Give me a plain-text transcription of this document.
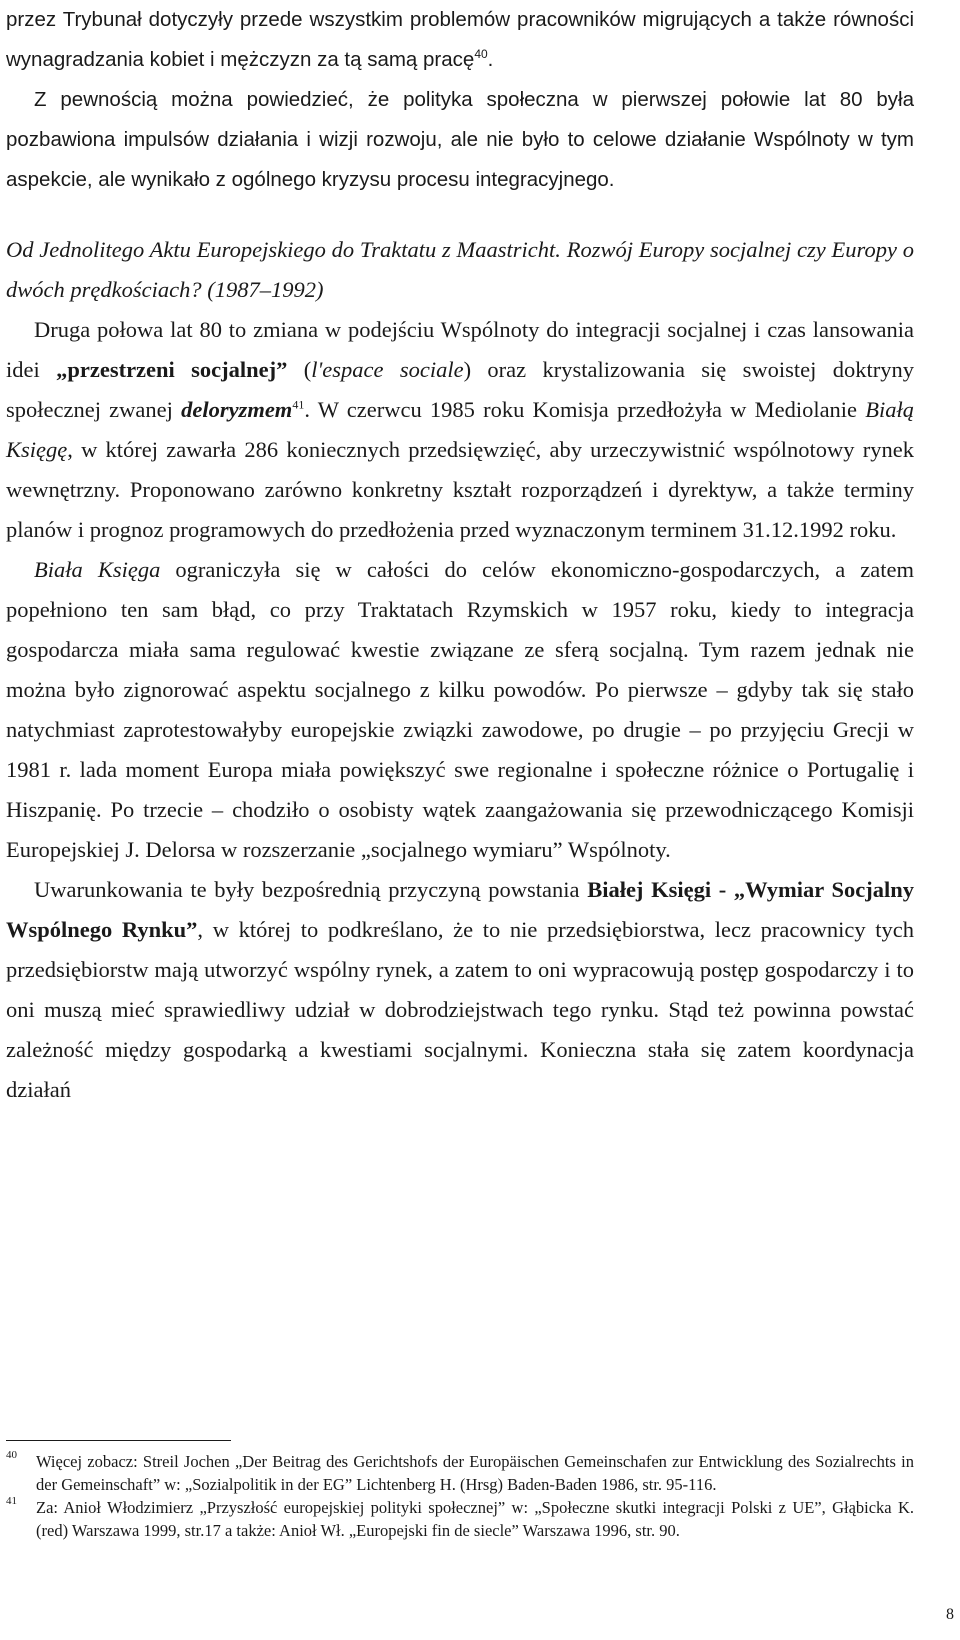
przez Trybunał dotyczyły przede wszystkim problemów pracowników migrujących a także równości wynagradzania kobiet i mężczyzn za tą samą pracę$^{40}$.

Z pewnością można powiedzieć, że polityka społeczna w pierwszej połowie lat 80 była pozbawiona impulsów działania i wizji rozwoju, ale nie było to celowe działanie Wspólnoty w tym aspekcie, ale wynikało z ogólnego kryzysu procesu integracyjnego.

Od Jednolitego Aktu Europejskiego do Traktatu z Maastricht. Rozwój Europy socjalnej czy Europy o dwóch prędkościach? (1987–1992)

Druga połowa lat 80 to zmiana w podejściu Wspólnoty do integracji socjalnej i czas lansowania idei „przestrzeni socjalnej” (l'espace sociale) oraz krystalizowania się swoistej doktryny społecznej zwanej deloryzmem$^{41}$. W czerwcu 1985 roku Komisja przedłożyła w Mediolanie Białą Księgę, w której zawarła 286 koniecznych przedsięwzięć, aby urzeczywistnić wspólnotowy rynek wewnętrzny. Proponowano zarówno konkretny kształt rozporządzeń i dyrektyw, a także terminy planów i prognoz programowych do przedłożenia przed wyznaczonym terminem 31.12.1992 roku.

Biała Księga ograniczyła się w całości do celów ekonomiczno-gospodarczych, a zatem popełniono ten sam błąd, co przy Traktatach Rzymskich w 1957 roku, kiedy to integracja gospodarcza miała sama regulować kwestie związane ze sferą socjalną. Tym razem jednak nie można było zignorować aspektu socjalnego z kilku powodów. Po pierwsze – gdyby tak się stało natychmiast zaprotestowałyby europejskie związki zawodowe, po drugie – po przyjęciu Grecji w 1981 r. lada moment Europa miała powiększyć swe regionalne i społeczne różnice o Portugalię i Hiszpanię. Po trzecie – chodziło o osobisty wątek zaangażowania się przewodniczącego Komisji Europejskiej J. Delorsa w rozszerzanie „socjalnego wymiaru” Wspólnoty.

Uwarunkowania te były bezpośrednią przyczyną powstania Białej Księgi - „Wymiar Socjalny Wspólnego Rynku”, w której to podkreślano, że to nie przedsiębiorstwa, lecz pracownicy tych przedsiębiorstw mają utworzyć wspólny rynek, a zatem to oni wypracowują postęp gospodarczy i to oni muszą mieć sprawiedliwy udział w dobrodziejstwach tego rynku. Stąd też powinna powstać zależność między gospodarką a kwestiami socjalnymi. Konieczna stała się zatem koordynacja działań

40 Więcej zobacz: Streil Jochen „Der Beitrag des Gerichtshofs der Europäischen Gemeinschafen zur Entwicklung des Sozialrechts in der Gemeinschaft” w: „Sozialpolitik in der EG” Lichtenberg H. (Hrsg) Baden-Baden 1986, str. 95-116.
41 Za: Anioł Włodzimierz „Przyszłość europejskiej polityki społecznej” w: „Społeczne skutki integracji Polski z UE”, Głąbicka K. (red) Warszawa 1999, str.17 a także: Anioł Wł. „Europejski fin de siecle” Warszawa 1996, str. 90.
8
